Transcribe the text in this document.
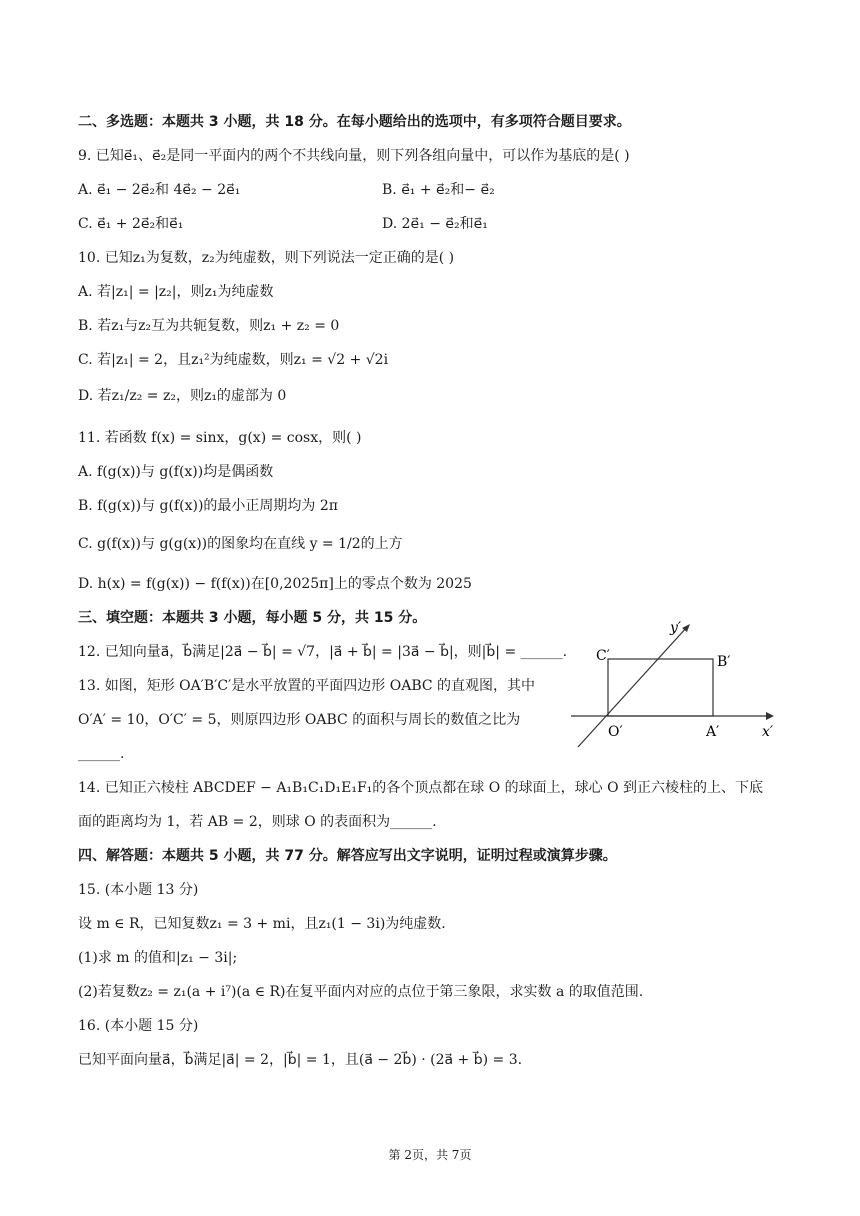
二、多选题：本题共 3 小题，共 18 分。在每小题给出的选项中，有多项符合题目要求。
9. 已知e⃗₁、e⃗₂是同一平面内的两个不共线向量，则下列各组向量中，可以作为基底的是( )
A. e⃗₁ − 2e⃗₂和 4e⃗₂ − 2e⃗₁	B. e⃗₁ + e⃗₂和− e⃗₂
C. e⃗₁ + 2e⃗₂和e⃗₁	D. 2e⃗₁ − e⃗₂和e⃗₁
10. 已知z₁为复数，z₂为纯虚数，则下列说法一定正确的是( )
A. 若|z₁| = |z₂|，则z₁为纯虚数
B. 若z₁与z₂互为共轭复数，则z₁ + z₂ = 0
C. 若|z₁| = 2，且z₁²为纯虚数，则z₁ = √2 + √2i
D. 若z₁/z₂ = z₂，则z₁的虚部为 0
11. 若函数 f(x) = sinx，g(x) = cosx，则( )
A. f(g(x))与 g(f(x))均是偶函数
B. f(g(x))与 g(f(x))的最小正周期均为 2π
C. g(f(x))与 g(g(x))的图象均在直线 y = 1/2的上方
D. h(x) = f(g(x)) − f(f(x))在[0,2025π]上的零点个数为 2025
三、填空题：本题共 3 小题，每小题 5 分，共 15 分。
12. 已知向量a⃗，b⃗满足|2a⃗ − b⃗| = √7，|a⃗ + b⃗| = |3a⃗ − b⃗|，则|b⃗| = ______.
13. 如图，矩形 OA′B′C′是水平放置的平面四边形 OABC 的直观图，其中
O′A′ = 10，O′C′ = 5，则原四边形 OABC 的面积与周长的数值之比为
______.
y′
x′
C′	B′
O′	A′
14. 已知正六棱柱 ABCDEF − A₁B₁C₁D₁E₁F₁的各个顶点都在球 O 的球面上，球心 O 到正六棱柱的上、下底
面的距离均为 1，若 AB = 2，则球 O 的表面积为______.
四、解答题：本题共 5 小题，共 77 分。解答应写出文字说明，证明过程或演算步骤。
15. (本小题 13 分)
设 m ∈ R，已知复数z₁ = 3 + mi，且z₁(1 − 3i)为纯虚数.
(1)求 m 的值和|z₁ − 3i|;
(2)若复数z₂ = z₁(a + i⁷)(a ∈ R)在复平面内对应的点位于第三象限，求实数 a 的取值范围.
16. (本小题 15 分)
已知平面向量a⃗，b⃗满足|a⃗| = 2，|b⃗| = 1，且(a⃗ − 2b⃗) · (2a⃗ + b⃗) = 3.
第 2页，共 7页
